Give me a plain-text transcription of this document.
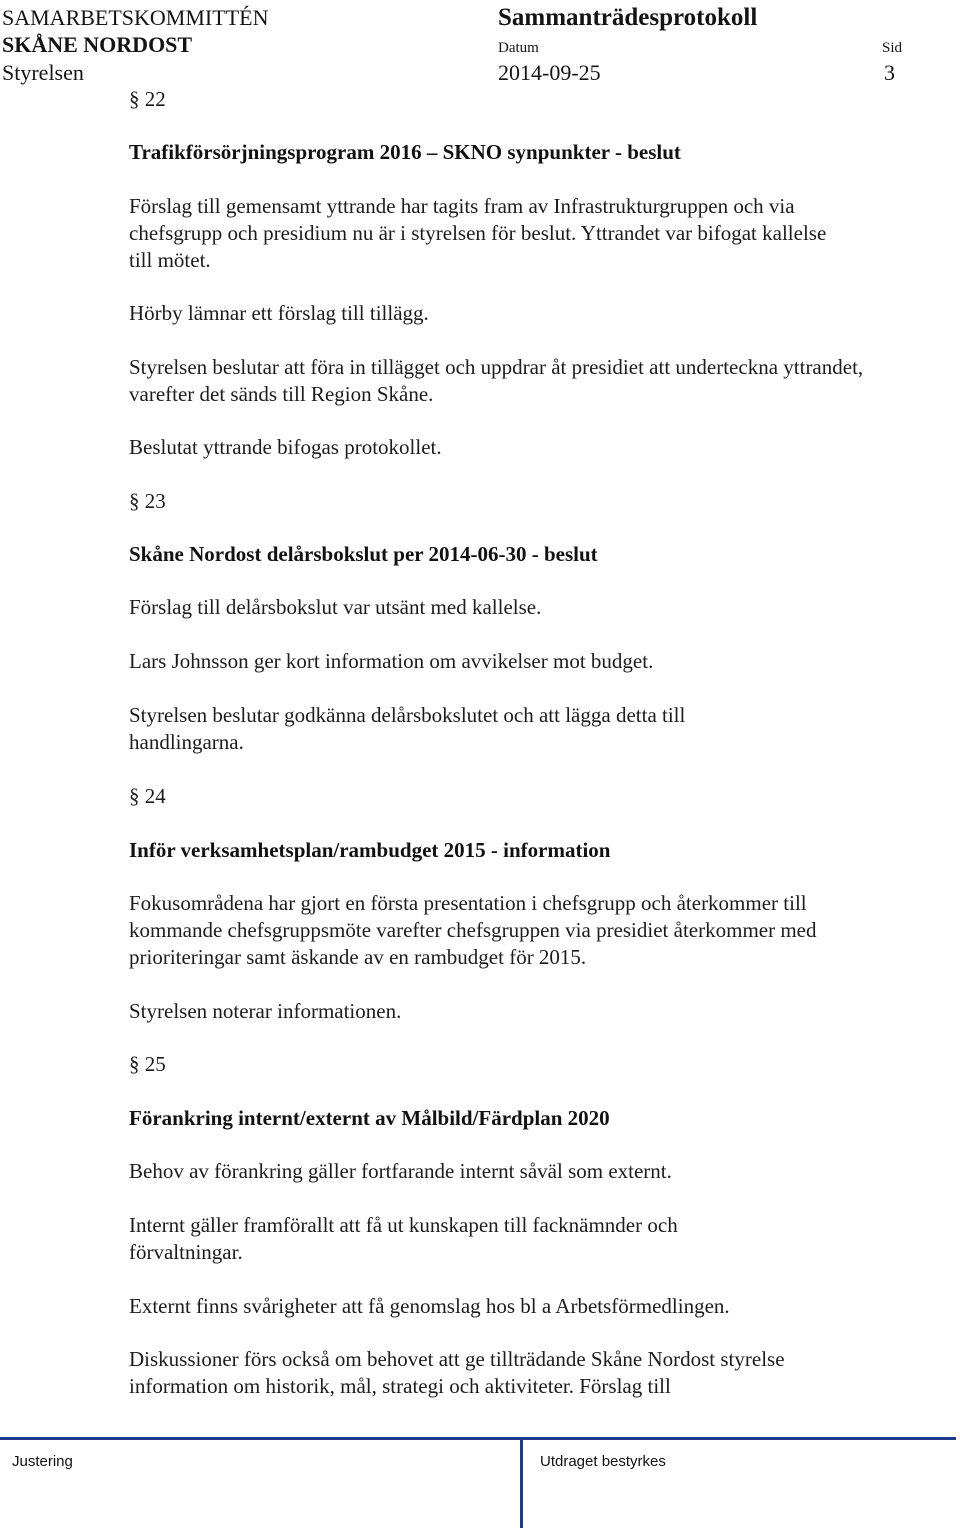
SAMARBETSKOMMITTÉN
SKÅNE NORDOST
Styrelsen
Sammanträdesprotokoll
Datum
2014-09-25
Sid
3
§ 22
Trafikförsörjningsprogram 2016 – SKNO synpunkter - beslut
Förslag till gemensamt yttrande har tagits fram av Infrastrukturgruppen och via chefsgrupp och presidium nu är i styrelsen för beslut. Yttrandet var bifogat kallelse till mötet.
Hörby lämnar ett förslag till tillägg.
Styrelsen beslutar att föra in tillägget och uppdrar åt presidiet att underteckna yttrandet, varefter det sänds till Region Skåne.
Beslutat yttrande bifogas protokollet.
§ 23
Skåne Nordost delårsbokslut per 2014-06-30 - beslut
Förslag till delårsbokslut var utsänt med kallelse.
Lars Johnsson ger kort information om avvikelser mot budget.
Styrelsen beslutar godkänna delårsbokslutet och att lägga detta till handlingarna.
§ 24
Inför verksamhetsplan/rambudget 2015 - information
Fokusområdena har gjort en första presentation i chefsgrupp och återkommer till kommande chefsgruppsmöte varefter chefsgruppen via presidiet återkommer med prioriteringar samt äskande av en rambudget för 2015.
Styrelsen noterar informationen.
§ 25
Förankring internt/externt av Målbild/Färdplan 2020
Behov av förankring gäller fortfarande internt såväl som externt.
Internt gäller framförallt att få ut kunskapen till facknämnder och förvaltningar.
Externt finns svårigheter att få genomslag hos bl a Arbetsförmedlingen.
Diskussioner förs också om behovet att ge tillträdande Skåne Nordost styrelse information om historik, mål, strategi och aktiviteter. Förslag till
Justering	Utdraget bestyrkes
